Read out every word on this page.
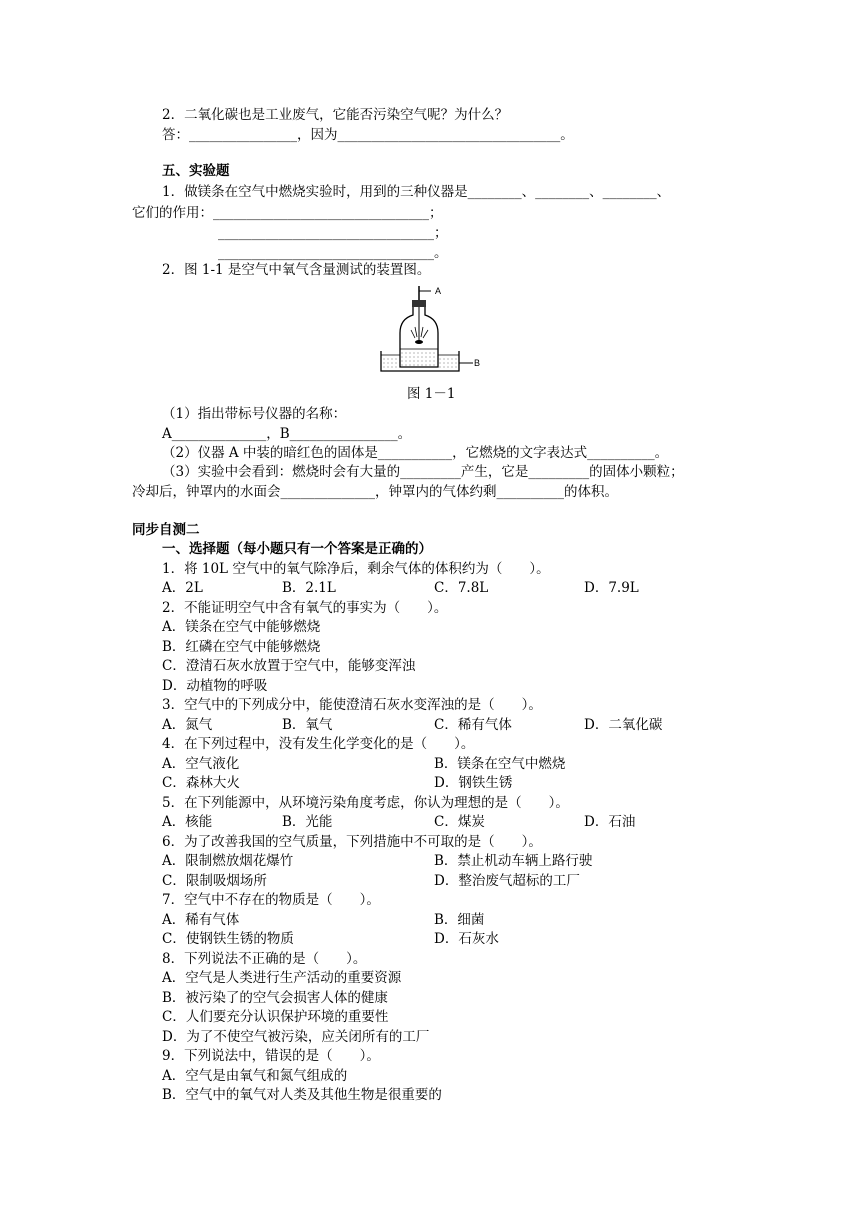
2．二氧化碳也是工业废气，它能否污染空气呢？为什么？
答：________________，因为_________________________________。
五、实验题
1．做镁条在空气中燃烧实验时，用到的三种仪器是________、________、________、
它们的作用：________________________________；
________________________________；
________________________________。
2．图 1-1 是空气中氧气含量测试的装置图。
A
B
图 1－1
（1）指出带标号仪器的名称：
A______________，B________________。
（2）仪器 A 中装的暗红色的固体是___________，它燃烧的文字表达式__________。
（3）实验中会看到：燃烧时会有大量的_________产生，它是_________的固体小颗粒；
冷却后，钟罩内的水面会______________，钟罩内的气体约剩__________的体积。
同步自测二
一、选择题（每小题只有一个答案是正确的）
1．将 10L 空气中的氧气除净后，剩余气体的体积约为（　　）。
A．2L	B．2.1L	C．7.8L	D．7.9L
2．不能证明空气中含有氧气的事实为（　　）。
A．镁条在空气中能够燃烧
B．红磷在空气中能够燃烧
C．澄清石灰水放置于空气中，能够变浑浊
D．动植物的呼吸
3．空气中的下列成分中，能使澄清石灰水变浑浊的是（　　）。
A．氮气	B．氧气	C．稀有气体	D．二氧化碳
4．在下列过程中，没有发生化学变化的是（　　）。
A．空气液化	B．镁条在空气中燃烧
C．森林大火	D．钢铁生锈
5．在下列能源中，从环境污染角度考虑，你认为理想的是（　　）。
A．核能	B．光能	C．煤炭	D．石油
6．为了改善我国的空气质量，下列措施中不可取的是（　　）。
A．限制燃放烟花爆竹	B．禁止机动车辆上路行驶
C．限制吸烟场所	D．整治废气超标的工厂
7．空气中不存在的物质是（　　）。
A．稀有气体	B．细菌
C．使钢铁生锈的物质	D．石灰水
8．下列说法不正确的是（　　）。
A．空气是人类进行生产活动的重要资源
B．被污染了的空气会损害人体的健康
C．人们要充分认识保护环境的重要性
D．为了不使空气被污染，应关闭所有的工厂
9．下列说法中，错误的是（　　）。
A．空气是由氧气和氮气组成的
B．空气中的氧气对人类及其他生物是很重要的
